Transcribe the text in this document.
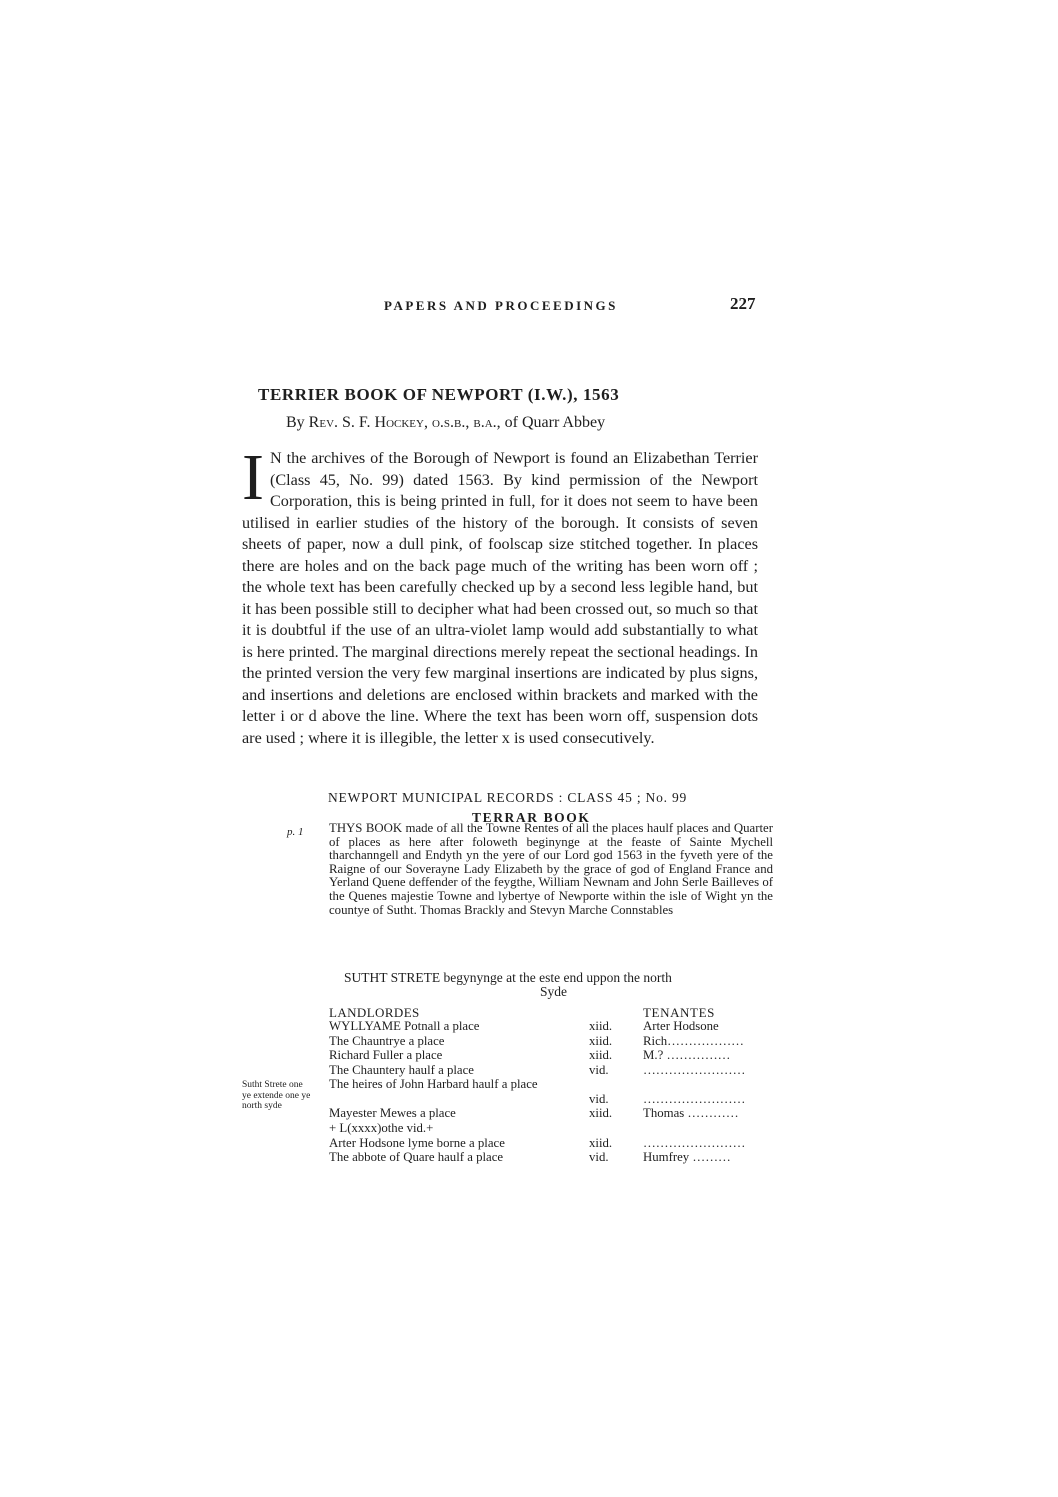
PAPERS AND PROCEEDINGS	227
TERRIER BOOK OF NEWPORT (I.W.), 1563
By Rev. S. F. Hockey, o.s.b., b.a., of Quarr Abbey
I N the archives of the Borough of Newport is found an Elizabethan Terrier (Class 45, No. 99) dated 1563. By kind permission of the Newport Corporation, this is being printed in full, for it does not seem to have been utilised in earlier studies of the history of the borough. It consists of seven sheets of paper, now a dull pink, of foolscap size stitched together. In places there are holes and on the back page much of the writing has been worn off ; the whole text has been carefully checked up by a second less legible hand, but it has been possible still to decipher what had been crossed out, so much so that it is doubtful if the use of an ultra-violet lamp would add substantially to what is here printed. The marginal directions merely repeat the sectional headings. In the printed version the very few marginal insertions are indicated by plus signs, and insertions and deletions are enclosed within brackets and marked with the letter i or d above the line. Where the text has been worn off, suspension dots are used ; where it is illegible, the letter x is used consecutively.
NEWPORT MUNICIPAL RECORDS : CLASS 45 ; No. 99
TERRAR BOOK
p. 1 THYS BOOK made of all the Towne Rentes of all the places haulf places and Quarter of places as here after foloweth beginynge at the feaste of Sainte Mychell tharchanngell and Endyth yn the yere of our Lord god 1563 in the fyveth yere of the Raigne of our Soverayne Lady Elizabeth by the grace of god of England France and Yerland Quene deffender of the feygthe, William Newnam and John Serle Bailleves of the Quenes majestie Towne and lybertye of Newporte within the isle of Wight yn the countye of Sutht. Thomas Brackly and Stevyn Marche Connstables
SUTHT STRETE begynynge at the este end uppon the north
Syde
Sutht Strete one ye extende one ye north syde
LANDLORDES	TENANTES
WYLLYAME Potnall a place	xiid.	Arter Hodsone
The Chauntrye a place	xiid.	Rich………………
Richard Fuller a place	xiid.	M.? ……………
The Chauntery haulf a place	vid.	……………………
The heires of John Harbard haulf a place
vid.	……………………
Mayester Mewes a place	xiid.	Thomas …………
+ L(xxxx)othe vid.+
Arter Hodsone lyme borne a place	xiid.	……………………
The abbote of Quare haulf a place	vid.	Humfrey ………
